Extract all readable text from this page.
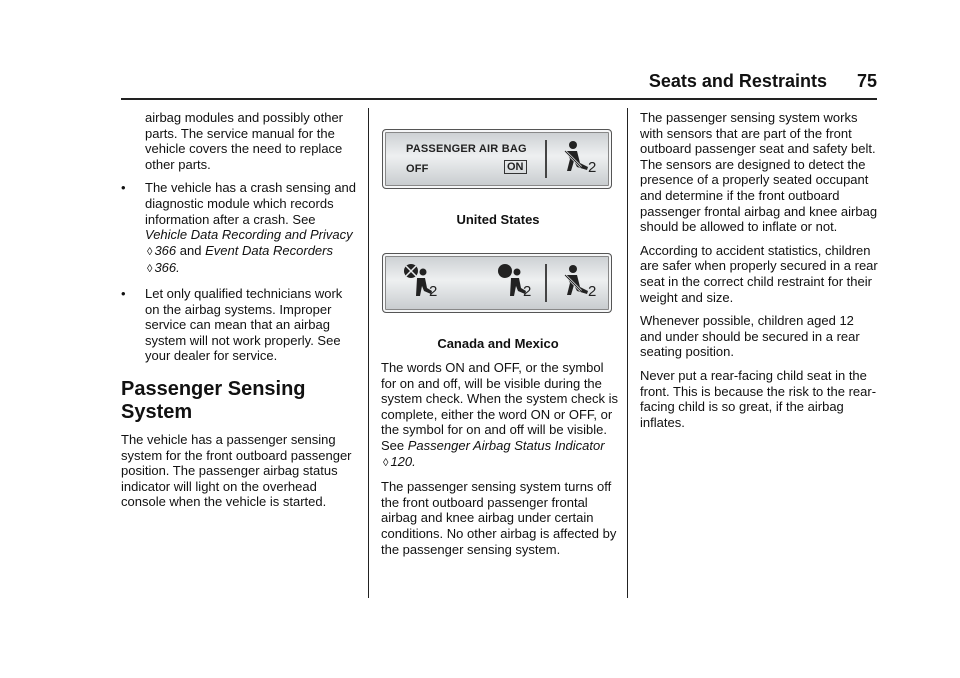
Seats and Restraints 75
airbag modules and possibly other parts. The service manual for the vehicle covers the need to replace other parts.
•	The vehicle has a crash sensing and diagnostic module which records information after a crash. See Vehicle Data Recording and Privacy ◊ 366 and Event Data Recorders ◊ 366.
•	Let only qualified technicians work on the airbag systems. Improper service can mean that an airbag system will not work properly. See your dealer for service.
Passenger Sensing System

The vehicle has a passenger sensing system for the front outboard passenger position. The passenger airbag status indicator will light on the overhead console when the vehicle is started.

PASSENGER AIR BAG
OFF	ON	2
United States
2	2	2
Canada and Mexico

The words ON and OFF, or the symbol for on and off, will be visible during the system check. When the system check is complete, either the word ON or OFF, or the symbol for on and off will be visible. See Passenger Airbag Status Indicator ◊ 120.

The passenger sensing system turns off the front outboard passenger frontal airbag and knee airbag under certain conditions. No other airbag is affected by the passenger sensing system.

The passenger sensing system works with sensors that are part of the front outboard passenger seat and safety belt. The sensors are designed to detect the presence of a properly seated occupant and determine if the front outboard passenger frontal airbag and knee airbag should be allowed to inflate or not.

According to accident statistics, children are safer when properly secured in a rear seat in the correct child restraint for their weight and size.

Whenever possible, children aged 12 and under should be secured in a rear seating position.

Never put a rear-facing child seat in the front. This is because the risk to the rear-facing child is so great, if the airbag inflates.
